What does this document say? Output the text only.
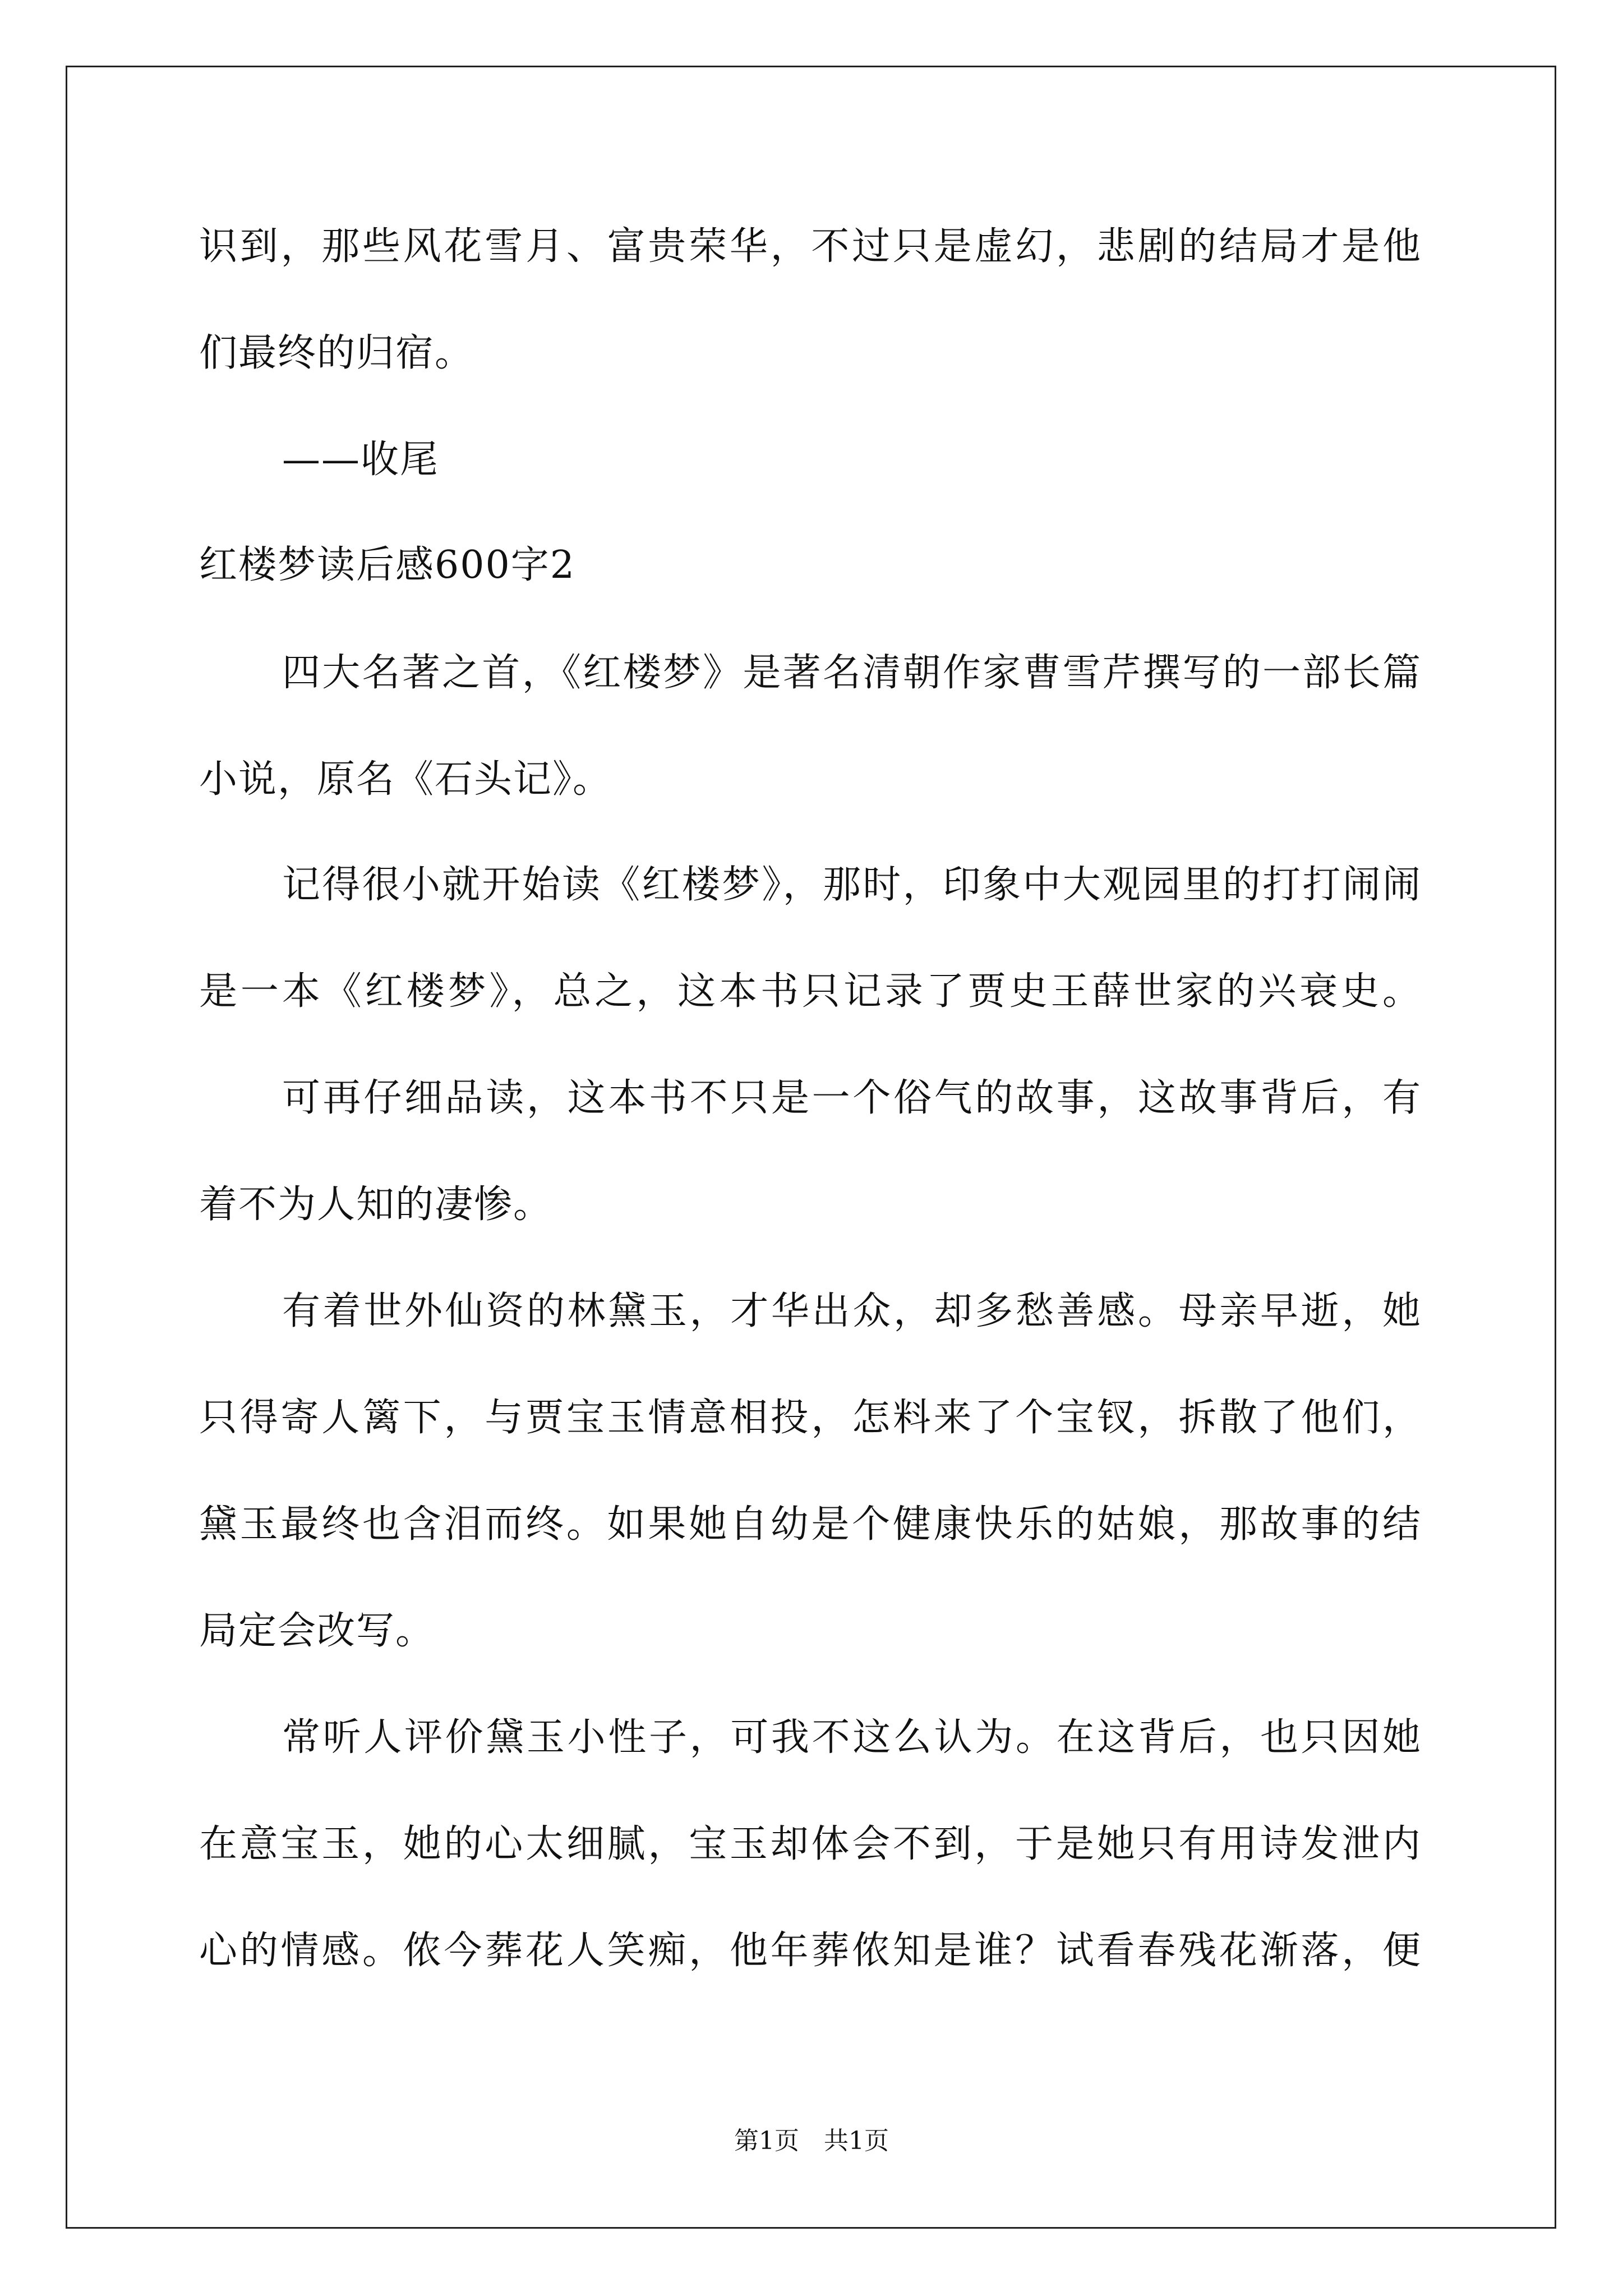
识到，那些风花雪月、富贵荣华，不过只是虚幻，悲剧的结局才是他
们最终的归宿。
——收尾
红楼梦读后感600字2
四大名著之首，《红楼梦》是著名清朝作家曹雪芹撰写的一部长篇
小说，原名《石头记》。
记得很小就开始读《红楼梦》，那时，印象中大观园里的打打闹闹
是一本《红楼梦》，总之，这本书只记录了贾史王薛世家的兴衰史。
可再仔细品读，这本书不只是一个俗气的故事，这故事背后，有
着不为人知的凄惨。
有着世外仙资的林黛玉，才华出众，却多愁善感。母亲早逝，她
只得寄人篱下，与贾宝玉情意相投，怎料来了个宝钗，拆散了他们，
黛玉最终也含泪而终。如果她自幼是个健康快乐的姑娘，那故事的结
局定会改写。
常听人评价黛玉小性子，可我不这么认为。在这背后，也只因她
在意宝玉，她的心太细腻，宝玉却体会不到，于是她只有用诗发泄内
心的情感。侬今葬花人笑痴，他年葬侬知是谁？试看春残花渐落，便
第1页　共1页
